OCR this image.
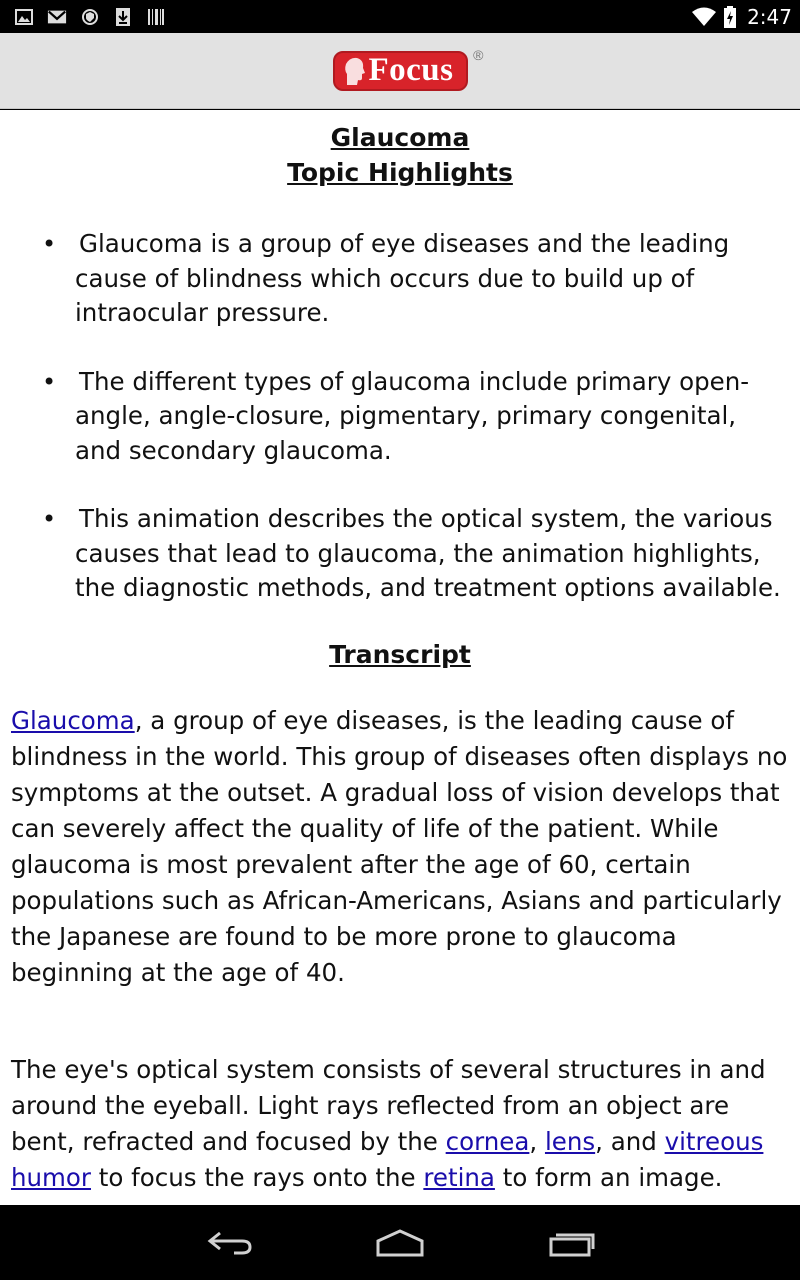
2:47
Focus ®
Glaucoma
Topic Highlights
• Glaucoma is a group of eye diseases and the leading cause of blindness which occurs due to build up of intraocular pressure.
• The different types of glaucoma include primary open-angle, angle-closure, pigmentary, primary congenital, and secondary glaucoma.
• This animation describes the optical system, the various causes that lead to glaucoma, the animation highlights, the diagnostic methods, and treatment options available.
Transcript

Glaucoma, a group of eye diseases, is the leading cause of blindness in the world. This group of diseases often displays no symptoms at the outset. A gradual loss of vision develops that can severely affect the quality of life of the patient. While glaucoma is most prevalent after the age of 60, certain populations such as African-Americans, Asians and particularly the Japanese are found to be more prone to glaucoma beginning at the age of 40.

The eye's optical system consists of several structures in and around the eyeball. Light rays reflected from an object are bent, refracted and focused by the cornea, lens, and vitreous humor to focus the rays onto the retina to form an image.
